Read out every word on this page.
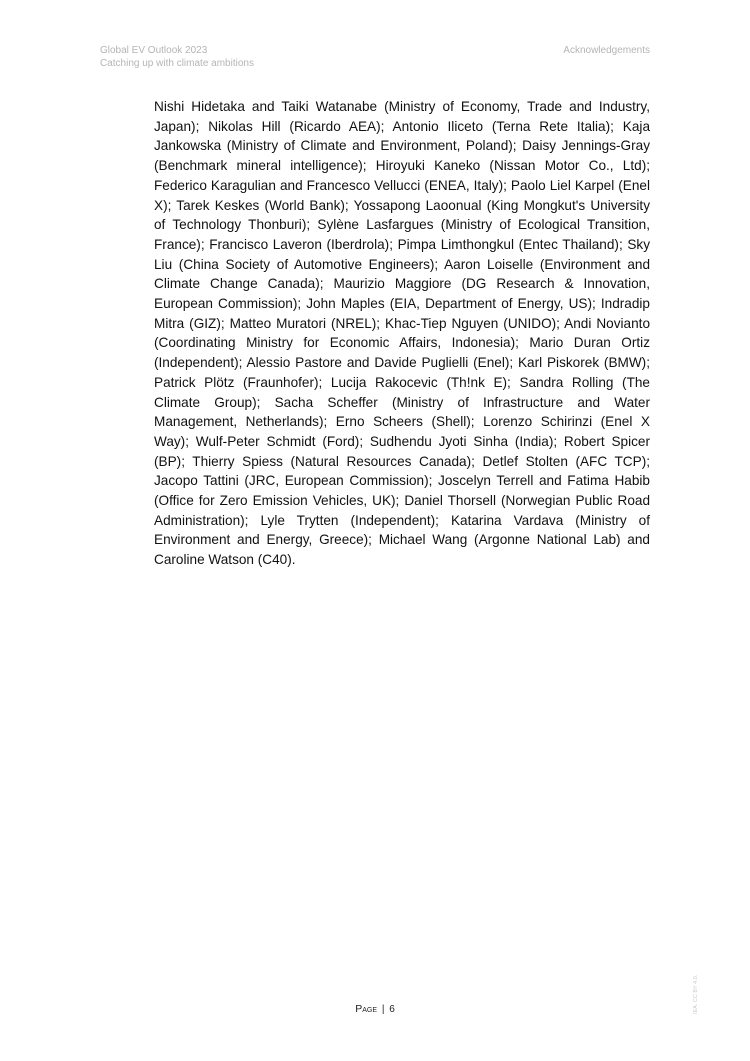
Global EV Outlook 2023
Catching up with climate ambitions
Acknowledgements

Nishi Hidetaka and Taiki Watanabe (Ministry of Economy, Trade and Industry, Japan); Nikolas Hill (Ricardo AEA); Antonio Iliceto (Terna Rete Italia); Kaja Jankowska (Ministry of Climate and Environment, Poland); Daisy Jennings-Gray (Benchmark mineral intelligence); Hiroyuki Kaneko (Nissan Motor Co., Ltd); Federico Karagulian and Francesco Vellucci (ENEA, Italy); Paolo Liel Karpel (Enel X); Tarek Keskes (World Bank); Yossapong Laoonual (King Mongkut's University of Technology Thonburi); Sylène Lasfargues (Ministry of Ecological Transition, France); Francisco Laveron (Iberdrola); Pimpa Limthongkul (Entec Thailand); Sky Liu (China Society of Automotive Engineers); Aaron Loiselle (Environment and Climate Change Canada); Maurizio Maggiore (DG Research & Innovation, European Commission); John Maples (EIA, Department of Energy, US); Indradip Mitra (GIZ); Matteo Muratori (NREL); Khac-Tiep Nguyen (UNIDO); Andi Novianto (Coordinating Ministry for Economic Affairs, Indonesia); Mario Duran Ortiz (Independent); Alessio Pastore and Davide Puglielli (Enel); Karl Piskorek (BMW); Patrick Plötz (Fraunhofer); Lucija Rakocevic (Th!nk E); Sandra Rolling (The Climate Group); Sacha Scheffer (Ministry of Infrastructure and Water Management, Netherlands); Erno Scheers (Shell); Lorenzo Schirinzi (Enel X Way); Wulf-Peter Schmidt (Ford); Sudhendu Jyoti Sinha (India); Robert Spicer (BP); Thierry Spiess (Natural Resources Canada); Detlef Stolten (AFC TCP); Jacopo Tattini (JRC, European Commission); Joscelyn Terrell and Fatima Habib (Office for Zero Emission Vehicles, UK); Daniel Thorsell (Norwegian Public Road Administration); Lyle Trytten (Independent); Katarina Vardava (Ministry of Environment and Energy, Greece); Michael Wang (Argonne National Lab) and Caroline Watson (C40).

Page | 6	IEA. CC BY 4.0.
